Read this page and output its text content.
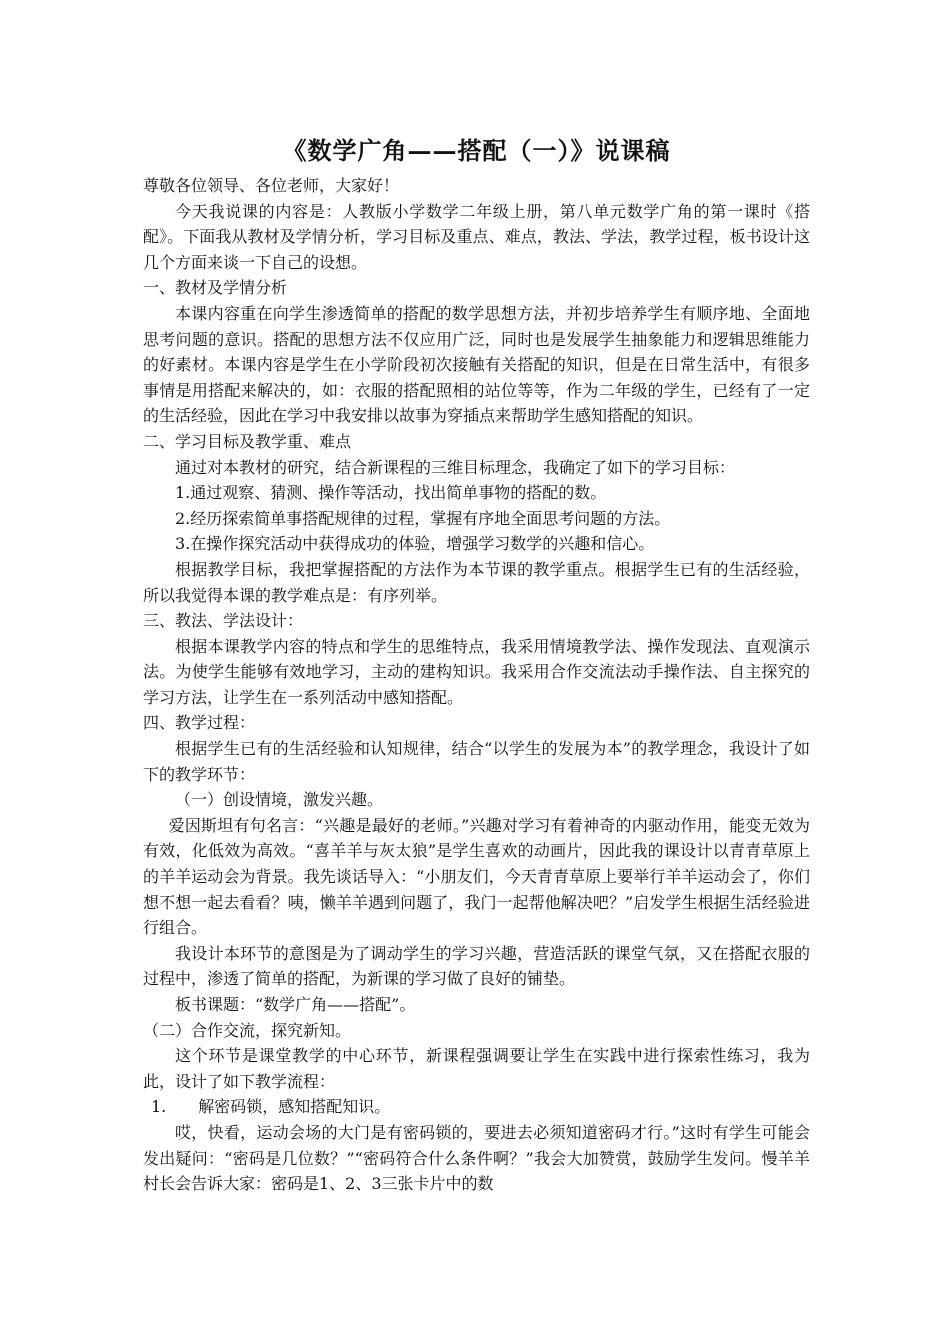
《数学广角——搭配（一）》说课稿

尊敬各位领导、各位老师，大家好！

今天我说课的内容是：人教版小学数学二年级上册，第八单元数学广角的第一课时《搭配》。下面我从教材及学情分析，学习目标及重点、难点，教法、学法，教学过程，板书设计这几个方面来谈一下自己的设想。

一、教材及学情分析

本课内容重在向学生渗透简单的搭配的数学思想方法，并初步培养学生有顺序地、全面地思考问题的意识。搭配的思想方法不仅应用广泛，同时也是发展学生抽象能力和逻辑思维能力的好素材。本课内容是学生在小学阶段初次接触有关搭配的知识，但是在日常生活中，有很多事情是用搭配来解决的，如：衣服的搭配照相的站位等等，作为二年级的学生，已经有了一定的生活经验，因此在学习中我安排以故事为穿插点来帮助学生感知搭配的知识。

二、学习目标及教学重、难点

通过对本教材的研究，结合新课程的三维目标理念，我确定了如下的学习目标：

1.通过观察、猜测、操作等活动，找出简单事物的搭配的数。

2.经历探索简单事搭配规律的过程，掌握有序地全面思考问题的方法。

3.在操作探究活动中获得成功的体验，增强学习数学的兴趣和信心。

根据教学目标，我把掌握搭配的方法作为本节课的教学重点。根据学生已有的生活经验，所以我觉得本课的教学难点是：有序列举。

三、教法、学法设计：

根据本课教学内容的特点和学生的思维特点，我采用情境教学法、操作发现法、直观演示法。为使学生能够有效地学习，主动的建构知识。我采用合作交流法动手操作法、自主探究的学习方法，让学生在一系列活动中感知搭配。

四、教学过程：

根据学生已有的生活经验和认知规律，结合“以学生的发展为本”的教学理念，我设计了如下的教学环节：

（一）创设情境，激发兴趣。

爱因斯坦有句名言：“兴趣是最好的老师。”兴趣对学习有着神奇的内驱动作用，能变无效为有效，化低效为高效。“喜羊羊与灰太狼”是学生喜欢的动画片，因此我的课设计以青青草原上的羊羊运动会为背景。我先谈话导入：“小朋友们，今天青青草原上要举行羊羊运动会了，你们想不想一起去看看？咦，懒羊羊遇到问题了，我门一起帮他解决吧？”启发学生根据生活经验进行组合。

我设计本环节的意图是为了调动学生的学习兴趣，营造活跃的课堂气氛，又在搭配衣服的过程中，渗透了简单的搭配，为新课的学习做了良好的铺垫。

板书课题：“数学广角——搭配”。

（二）合作交流，探究新知。

这个环节是课堂教学的中心环节，新课程强调要让学生在实践中进行探索性练习，我为此，设计了如下教学流程：

1.　　解密码锁，感知搭配知识。

哎，快看，运动会场的大门是有密码锁的，要进去必须知道密码才行。”这时有学生可能会发出疑问：“密码是几位数？”“密码符合什么条件啊？”我会大加赞赏，鼓励学生发问。慢羊羊村长会告诉大家：密码是1、2、3三张卡片中的数
